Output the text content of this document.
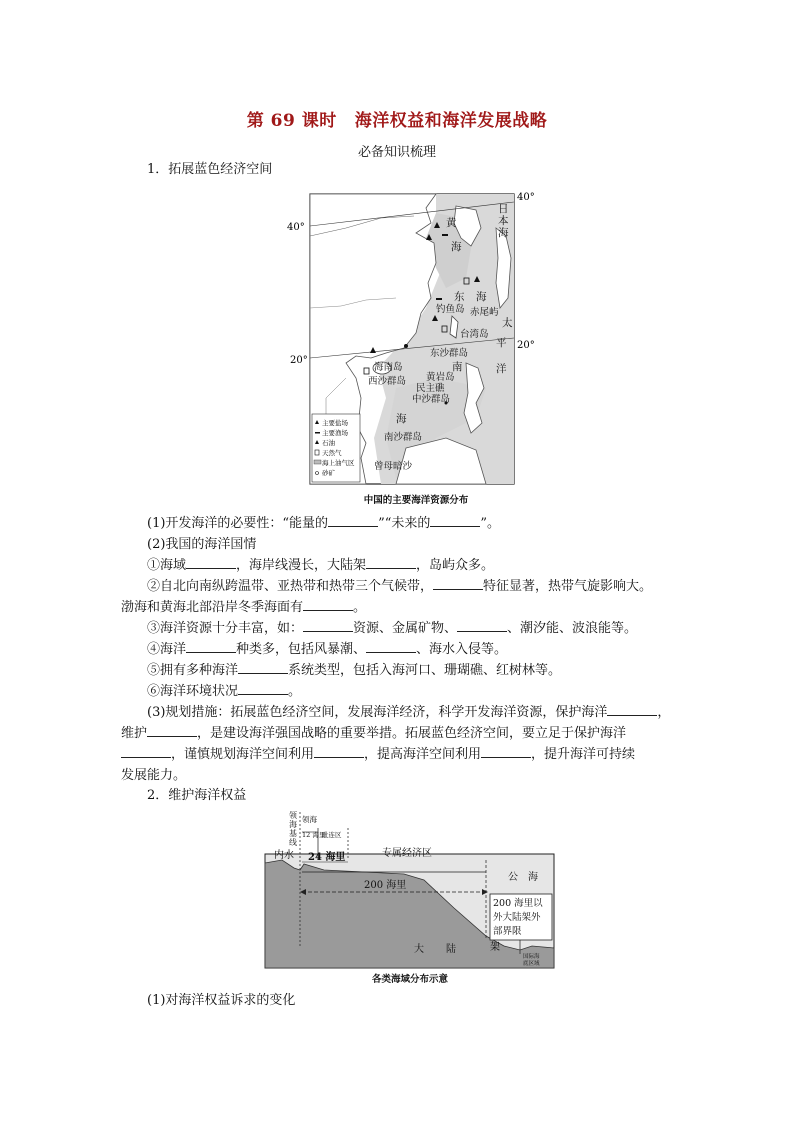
第 69 课时 海洋权益和海洋发展战略
必备知识梳理
1．拓展蓝色经济空间
40°
40°
20°
20°
黄
海
日
本
海
东 海
钓鱼岛 赤尾屿
台湾岛
太
平
洋
东沙群岛
海南岛	南
黄岩岛
西沙群岛
民主礁
中沙群岛
海
南沙群岛
曾母暗沙
主要盐场
主要渔场
石油
天然气
海上油气区
砂矿
中国的主要海洋资源分布
(1)开发海洋的必要性：“能量的	”“未来的	”。
(2)我国的海洋国情
①海域	，海岸线漫长，大陆架	，岛屿众多。
②自北向南纵跨温带、亚热带和热带三个气候带，	特征显著，热带气旋影响大。
渤海和黄海北部沿岸冬季海面有	。
③海洋资源十分丰富，如：	资源、金属矿物、	、潮汐能、波浪能等。
④海洋	种类多，包括风暴潮、	、海水入侵等。
⑤拥有多种海洋	系统类型，包括入海河口、珊瑚礁、红树林等。
⑥海洋环境状况	。
(3)规划措施：拓展蓝色经济空间，发展海洋经济，科学开发海洋资源，保护海洋	，
维护	，是建设海洋强国战略的重要举措。拓展蓝色经济空间，要立足于保护海洋
，谨慎规划海洋空间利用	，提高海洋空间利用	，提升海洋可持续
发展能力。
2．维护海洋权益
领
海
基
线
领海
12 海里
毗连区
内水 24 海里	专属经济区
公　海
200 海里
大 陆	架
200 海里以
外大陆架外
部界限
国际海
底区域
各类海域分布示意
(1)对海洋权益诉求的变化
